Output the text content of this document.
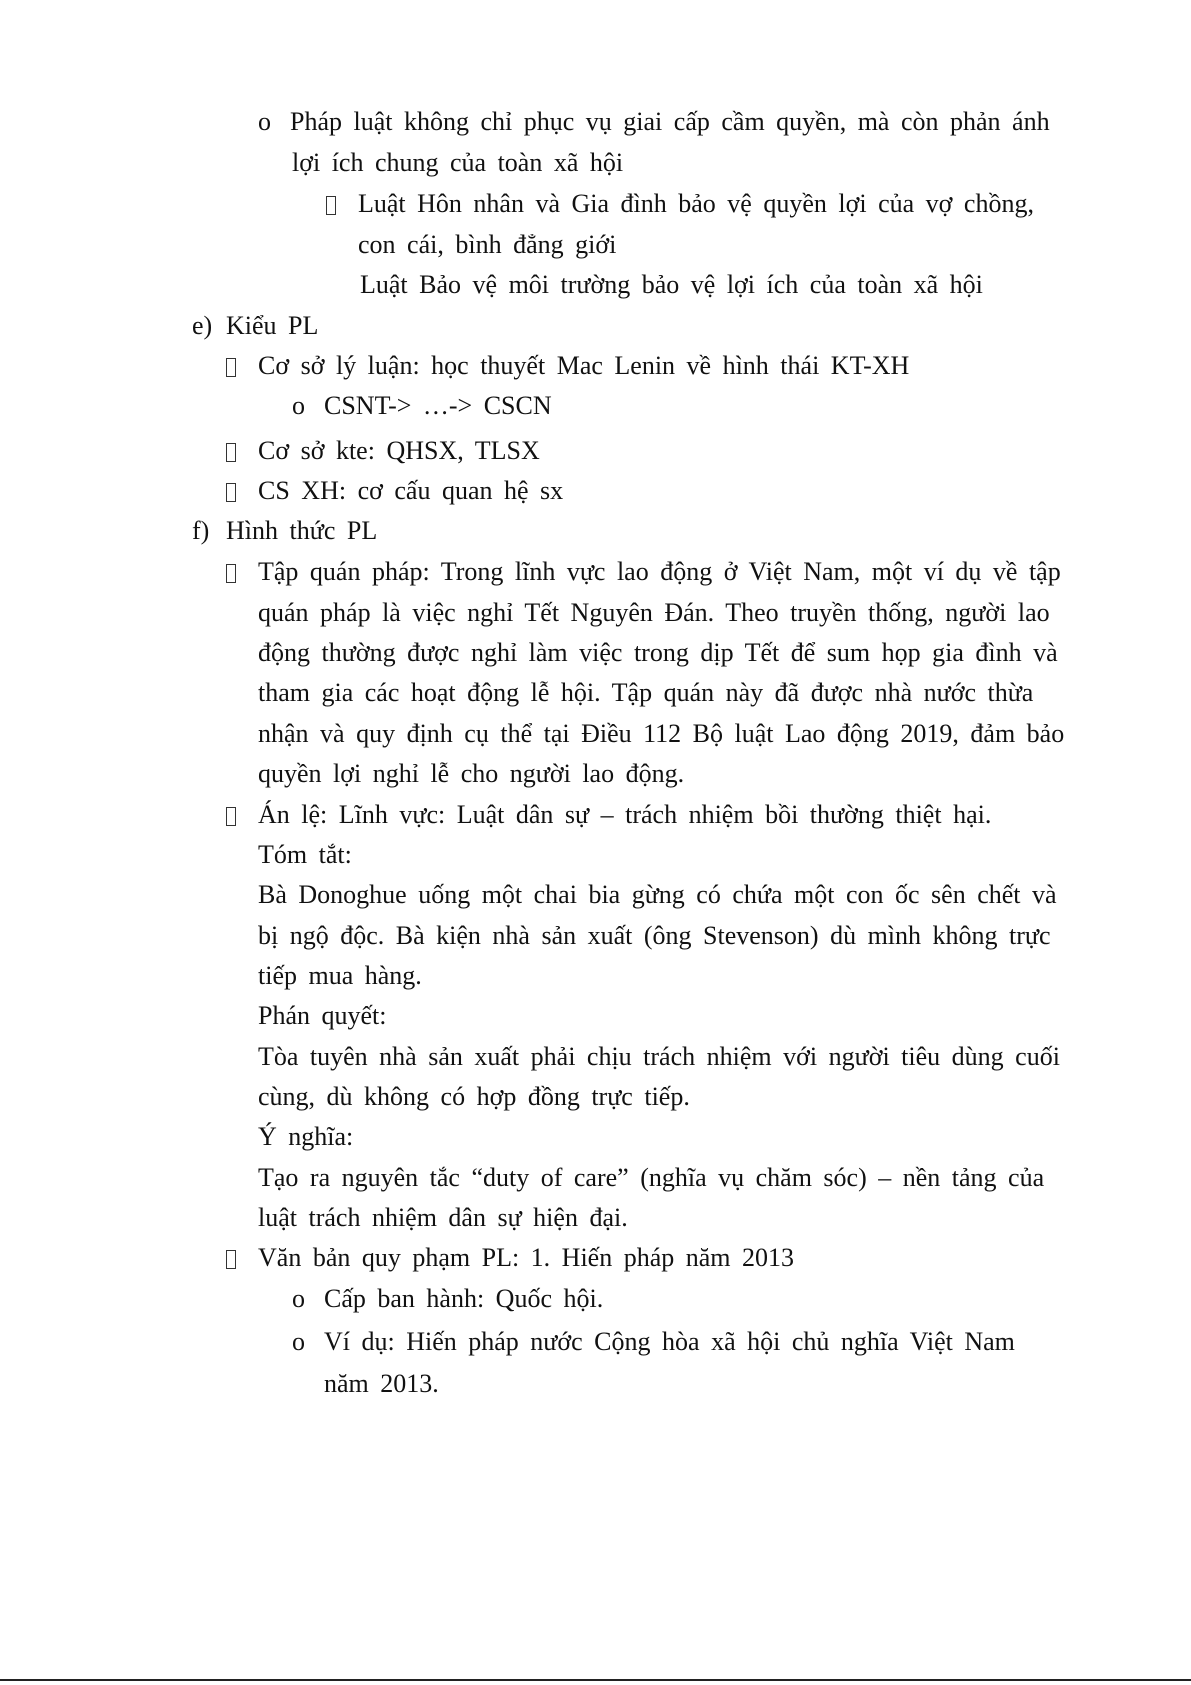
o Pháp luật không chỉ phục vụ giai cấp cầm quyền, mà còn phản ánh
lợi ích chung của toàn xã hội
Luật Hôn nhân và Gia đình bảo vệ quyền lợi của vợ chồng,
con cái, bình đẳng giới
Luật Bảo vệ môi trường bảo vệ lợi ích của toàn xã hội
e) Kiểu PL
Cơ sở lý luận: học thuyết Mac Lenin về hình thái KT-XH
o CSNT-> …-> CSCN
Cơ sở kte: QHSX, TLSX
CS XH: cơ cấu quan hệ sx
f) Hình thức PL
Tập quán pháp: Trong lĩnh vực lao động ở Việt Nam, một ví dụ về tập
quán pháp là việc nghỉ Tết Nguyên Đán. Theo truyền thống, người lao
động thường được nghỉ làm việc trong dịp Tết để sum họp gia đình và
tham gia các hoạt động lễ hội. Tập quán này đã được nhà nước thừa
nhận và quy định cụ thể tại Điều 112 Bộ luật Lao động 2019, đảm bảo
quyền lợi nghỉ lễ cho người lao động.
Án lệ: Lĩnh vực: Luật dân sự – trách nhiệm bồi thường thiệt hại.
Tóm tắt:
Bà Donoghue uống một chai bia gừng có chứa một con ốc sên chết và
bị ngộ độc. Bà kiện nhà sản xuất (ông Stevenson) dù mình không trực
tiếp mua hàng.
Phán quyết:
Tòa tuyên nhà sản xuất phải chịu trách nhiệm với người tiêu dùng cuối
cùng, dù không có hợp đồng trực tiếp.
Ý nghĩa:
Tạo ra nguyên tắc “duty of care” (nghĩa vụ chăm sóc) – nền tảng của
luật trách nhiệm dân sự hiện đại.
Văn bản quy phạm PL: 1. Hiến pháp năm 2013
o Cấp ban hành: Quốc hội.
o Ví dụ: Hiến pháp nước Cộng hòa xã hội chủ nghĩa Việt Nam
năm 2013.
